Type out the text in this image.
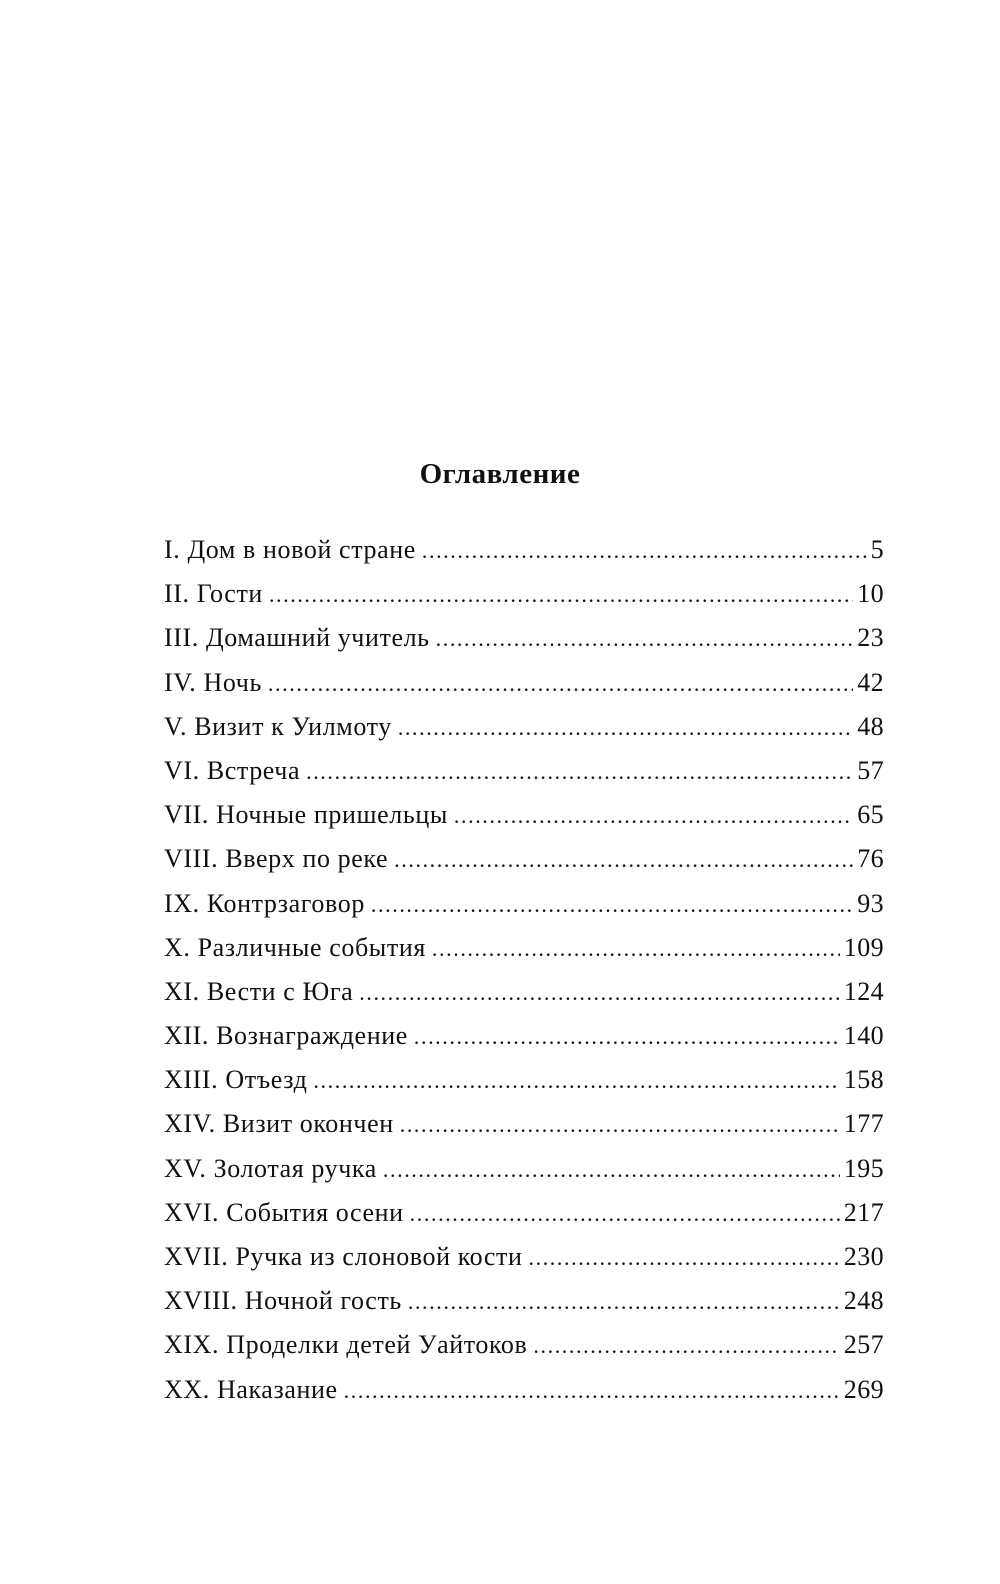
Оглавление
I. Дом в новой стране .....	5
II. Гости .....	10
III. Домашний учитель .....	23
IV. Ночь .....	42
V. Визит к Уилмоту .....	48
VI. Встреча .....	57
VII. Ночные пришельцы .....	65
VIII. Вверх по реке .....	76
IX. Контрзаговор .....	93
X. Различные события .....	109
XI. Вести с Юга .....	124
XII. Вознаграждение .....	140
XIII. Отъезд .....	158
XIV. Визит окончен .....	177
XV. Золотая ручка .....	195
XVI. События осени .....	217
XVII. Ручка из слоновой кости .....	230
XVIII. Ночной гость .....	248
XIX. Проделки детей Уайтоков .....	257
XX. Наказание .....	269
